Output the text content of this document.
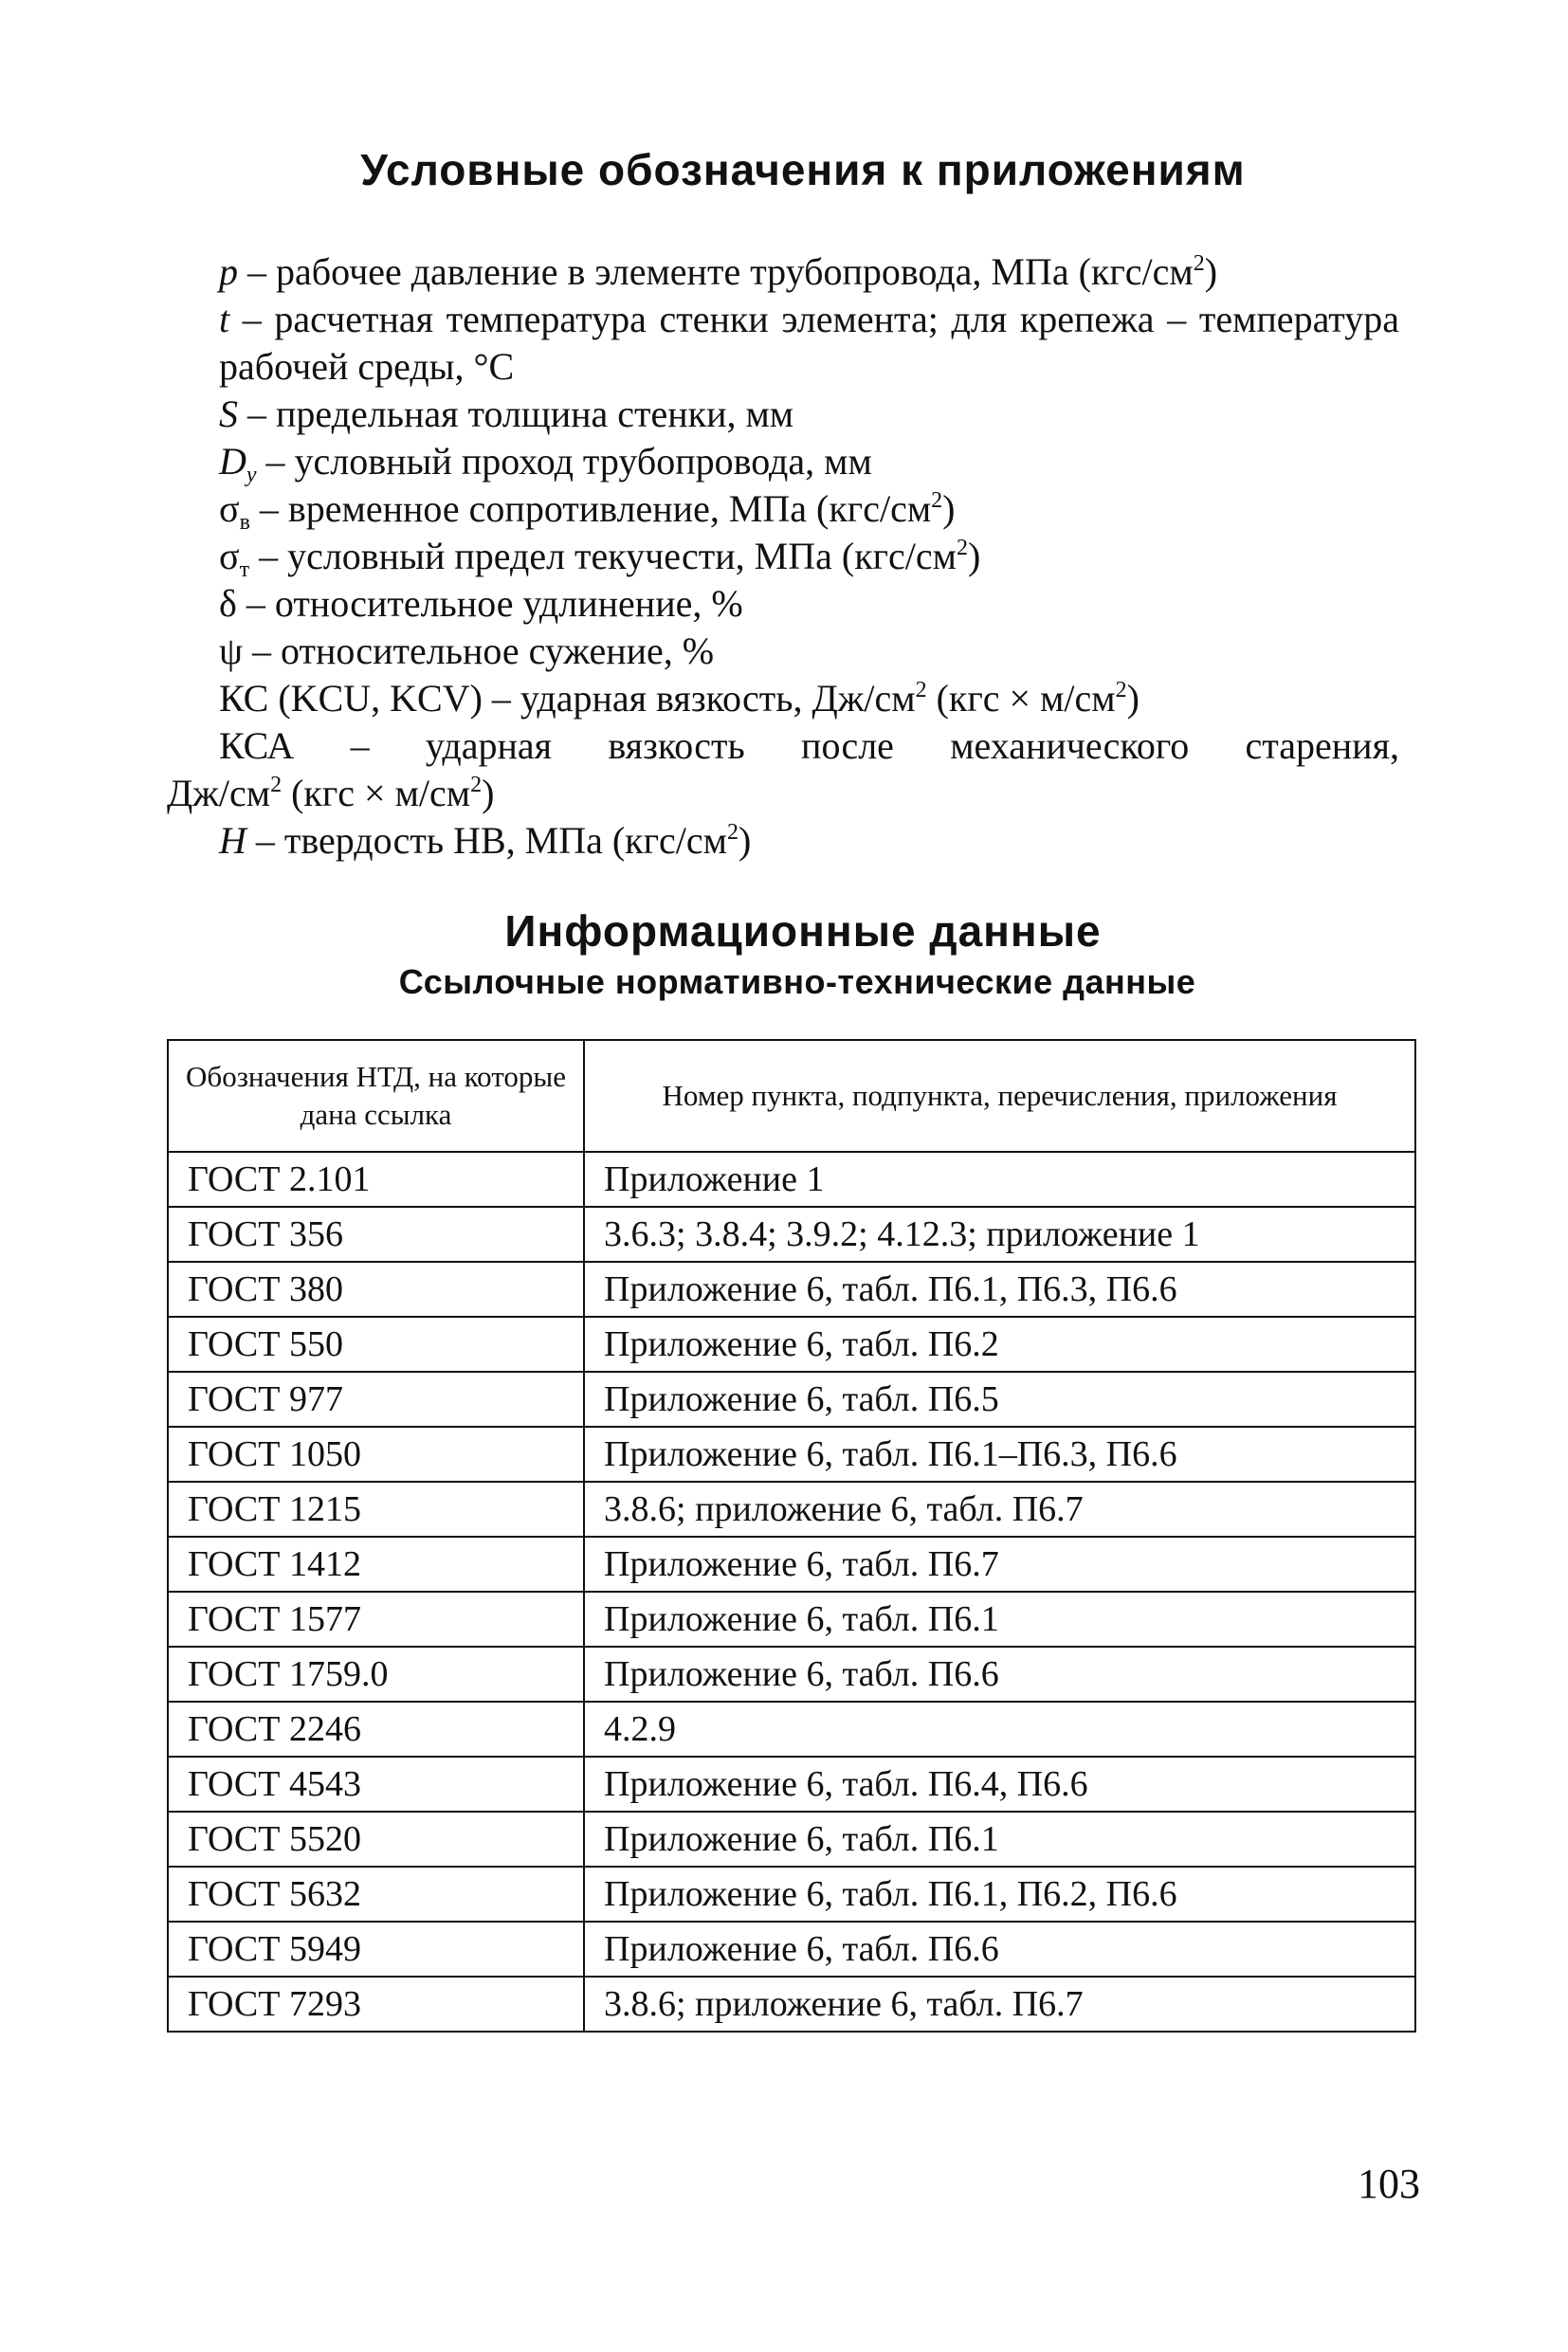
Условные обозначения к приложениям

p – рабочее давление в элементе трубопровода, МПа $(кгс/см^2)$

t – расчетная температура стенки элемента; для крепежа – температура рабочей среды, °С

S – предельная толщина стенки, мм

$D_y$ – условный проход трубопровода, мм

$\sigma_в$ – временное сопротивление, МПа $(кгс/см^2)$

$\sigma_т$ – условный предел текучести, МПа $(кгс/см^2)$

δ – относительное удлинение, %

ψ – относительное сужение, %

КС (KCU, KCV) – ударная вязкость, $Дж/см^2$ $(кгс \times м/см^2)$

КСА – ударная вязкость после механического старения,

$Дж/см^2$ $(кгс \times м/см^2)$

H – твердость НВ, МПа $(кгс/см^2)$

Информационные данные
Ссылочные нормативно-технические данные
Обозначения НТД, на которые дана ссылка	Номер пункта, подпункта, перечисления, приложения
ГОСТ 2.101	Приложение 1
ГОСТ 356	3.6.3; 3.8.4; 3.9.2; 4.12.3; приложение 1
ГОСТ 380	Приложение 6, табл. П6.1, П6.3, П6.6
ГОСТ 550	Приложение 6, табл. П6.2
ГОСТ 977	Приложение 6, табл. П6.5
ГОСТ 1050	Приложение 6, табл. П6.1–П6.3, П6.6
ГОСТ 1215	3.8.6; приложение 6, табл. П6.7
ГОСТ 1412	Приложение 6, табл. П6.7
ГОСТ 1577	Приложение 6, табл. П6.1
ГОСТ 1759.0	Приложение 6, табл. П6.6
ГОСТ 2246	4.2.9
ГОСТ 4543	Приложение 6, табл. П6.4, П6.6
ГОСТ 5520	Приложение 6, табл. П6.1
ГОСТ 5632	Приложение 6, табл. П6.1, П6.2, П6.6
ГОСТ 5949	Приложение 6, табл. П6.6
ГОСТ 7293	3.8.6; приложение 6, табл. П6.7
103
